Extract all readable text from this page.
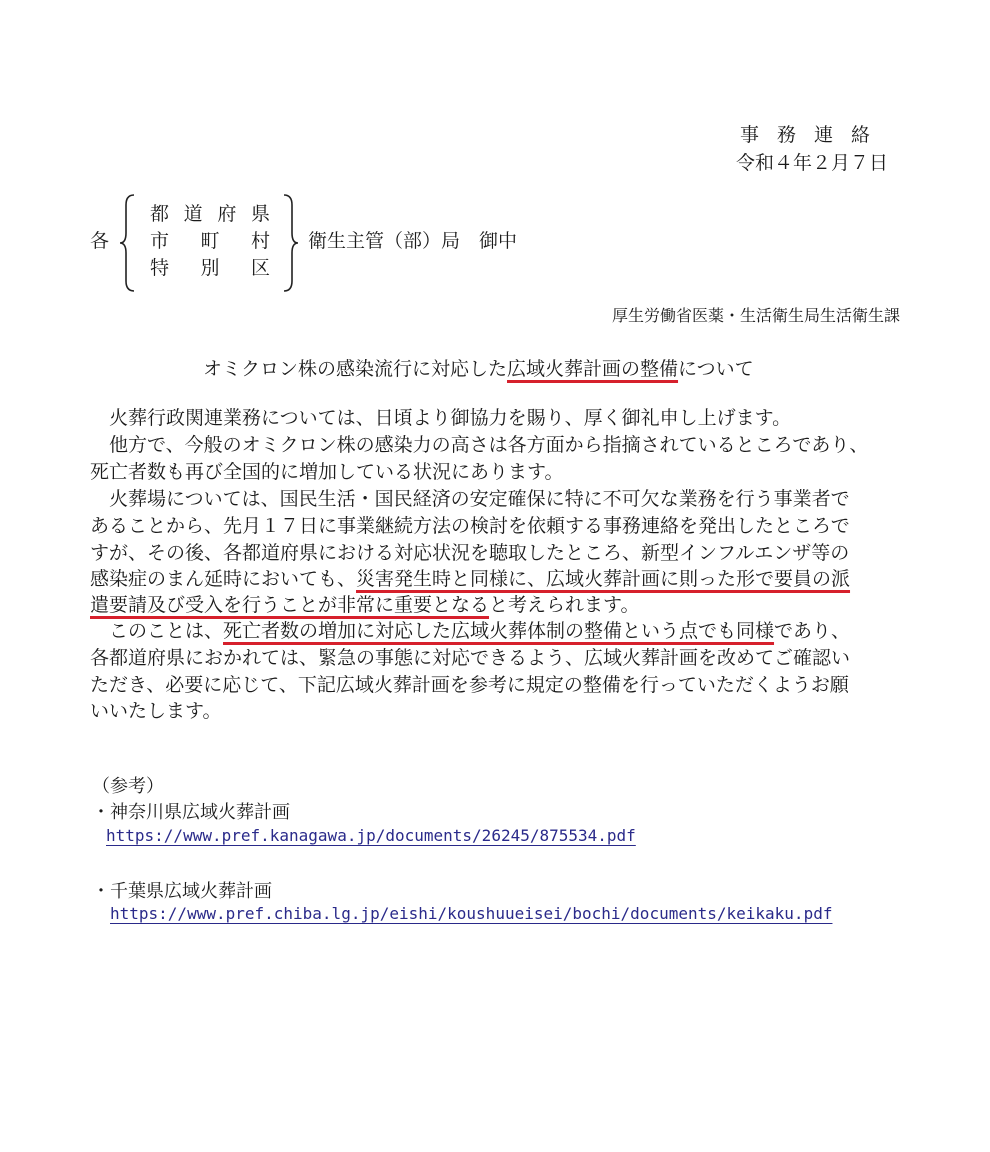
事務連絡
令和４年２月７日
各
都道府県
市町村
特別区
衛生主管（部）局　御中
厚生労働省医薬・生活衛生局生活衛生課
オミクロン株の感染流行に対応した広域火葬計画の整備について
　火葬行政関連業務については、日頃より御協力を賜り、厚く御礼申し上げます。
　他方で、今般のオミクロン株の感染力の高さは各方面から指摘されているところであり、
死亡者数も再び全国的に増加している状況にあります。
　火葬場については、国民生活・国民経済の安定確保に特に不可欠な業務を行う事業者で
あることから、先月１７日に事業継続方法の検討を依頼する事務連絡を発出したところで
すが、その後、各都道府県における対応状況を聴取したところ、新型インフルエンザ等の
感染症のまん延時においても、災害発生時と同様に、広域火葬計画に則った形で要員の派
遣要請及び受入を行うことが非常に重要となると考えられます。
　このことは、死亡者数の増加に対応した広域火葬体制の整備という点でも同様であり、
各都道府県におかれては、緊急の事態に対応できるよう、広域火葬計画を改めてご確認い
ただき、必要に応じて、下記広域火葬計画を参考に規定の整備を行っていただくようお願
いいたします。
（参考）
・神奈川県広域火葬計画
https://www.pref.kanagawa.jp/documents/26245/875534.pdf
・千葉県広域火葬計画
https://www.pref.chiba.lg.jp/eishi/koushuueisei/bochi/documents/keikaku.pdf
